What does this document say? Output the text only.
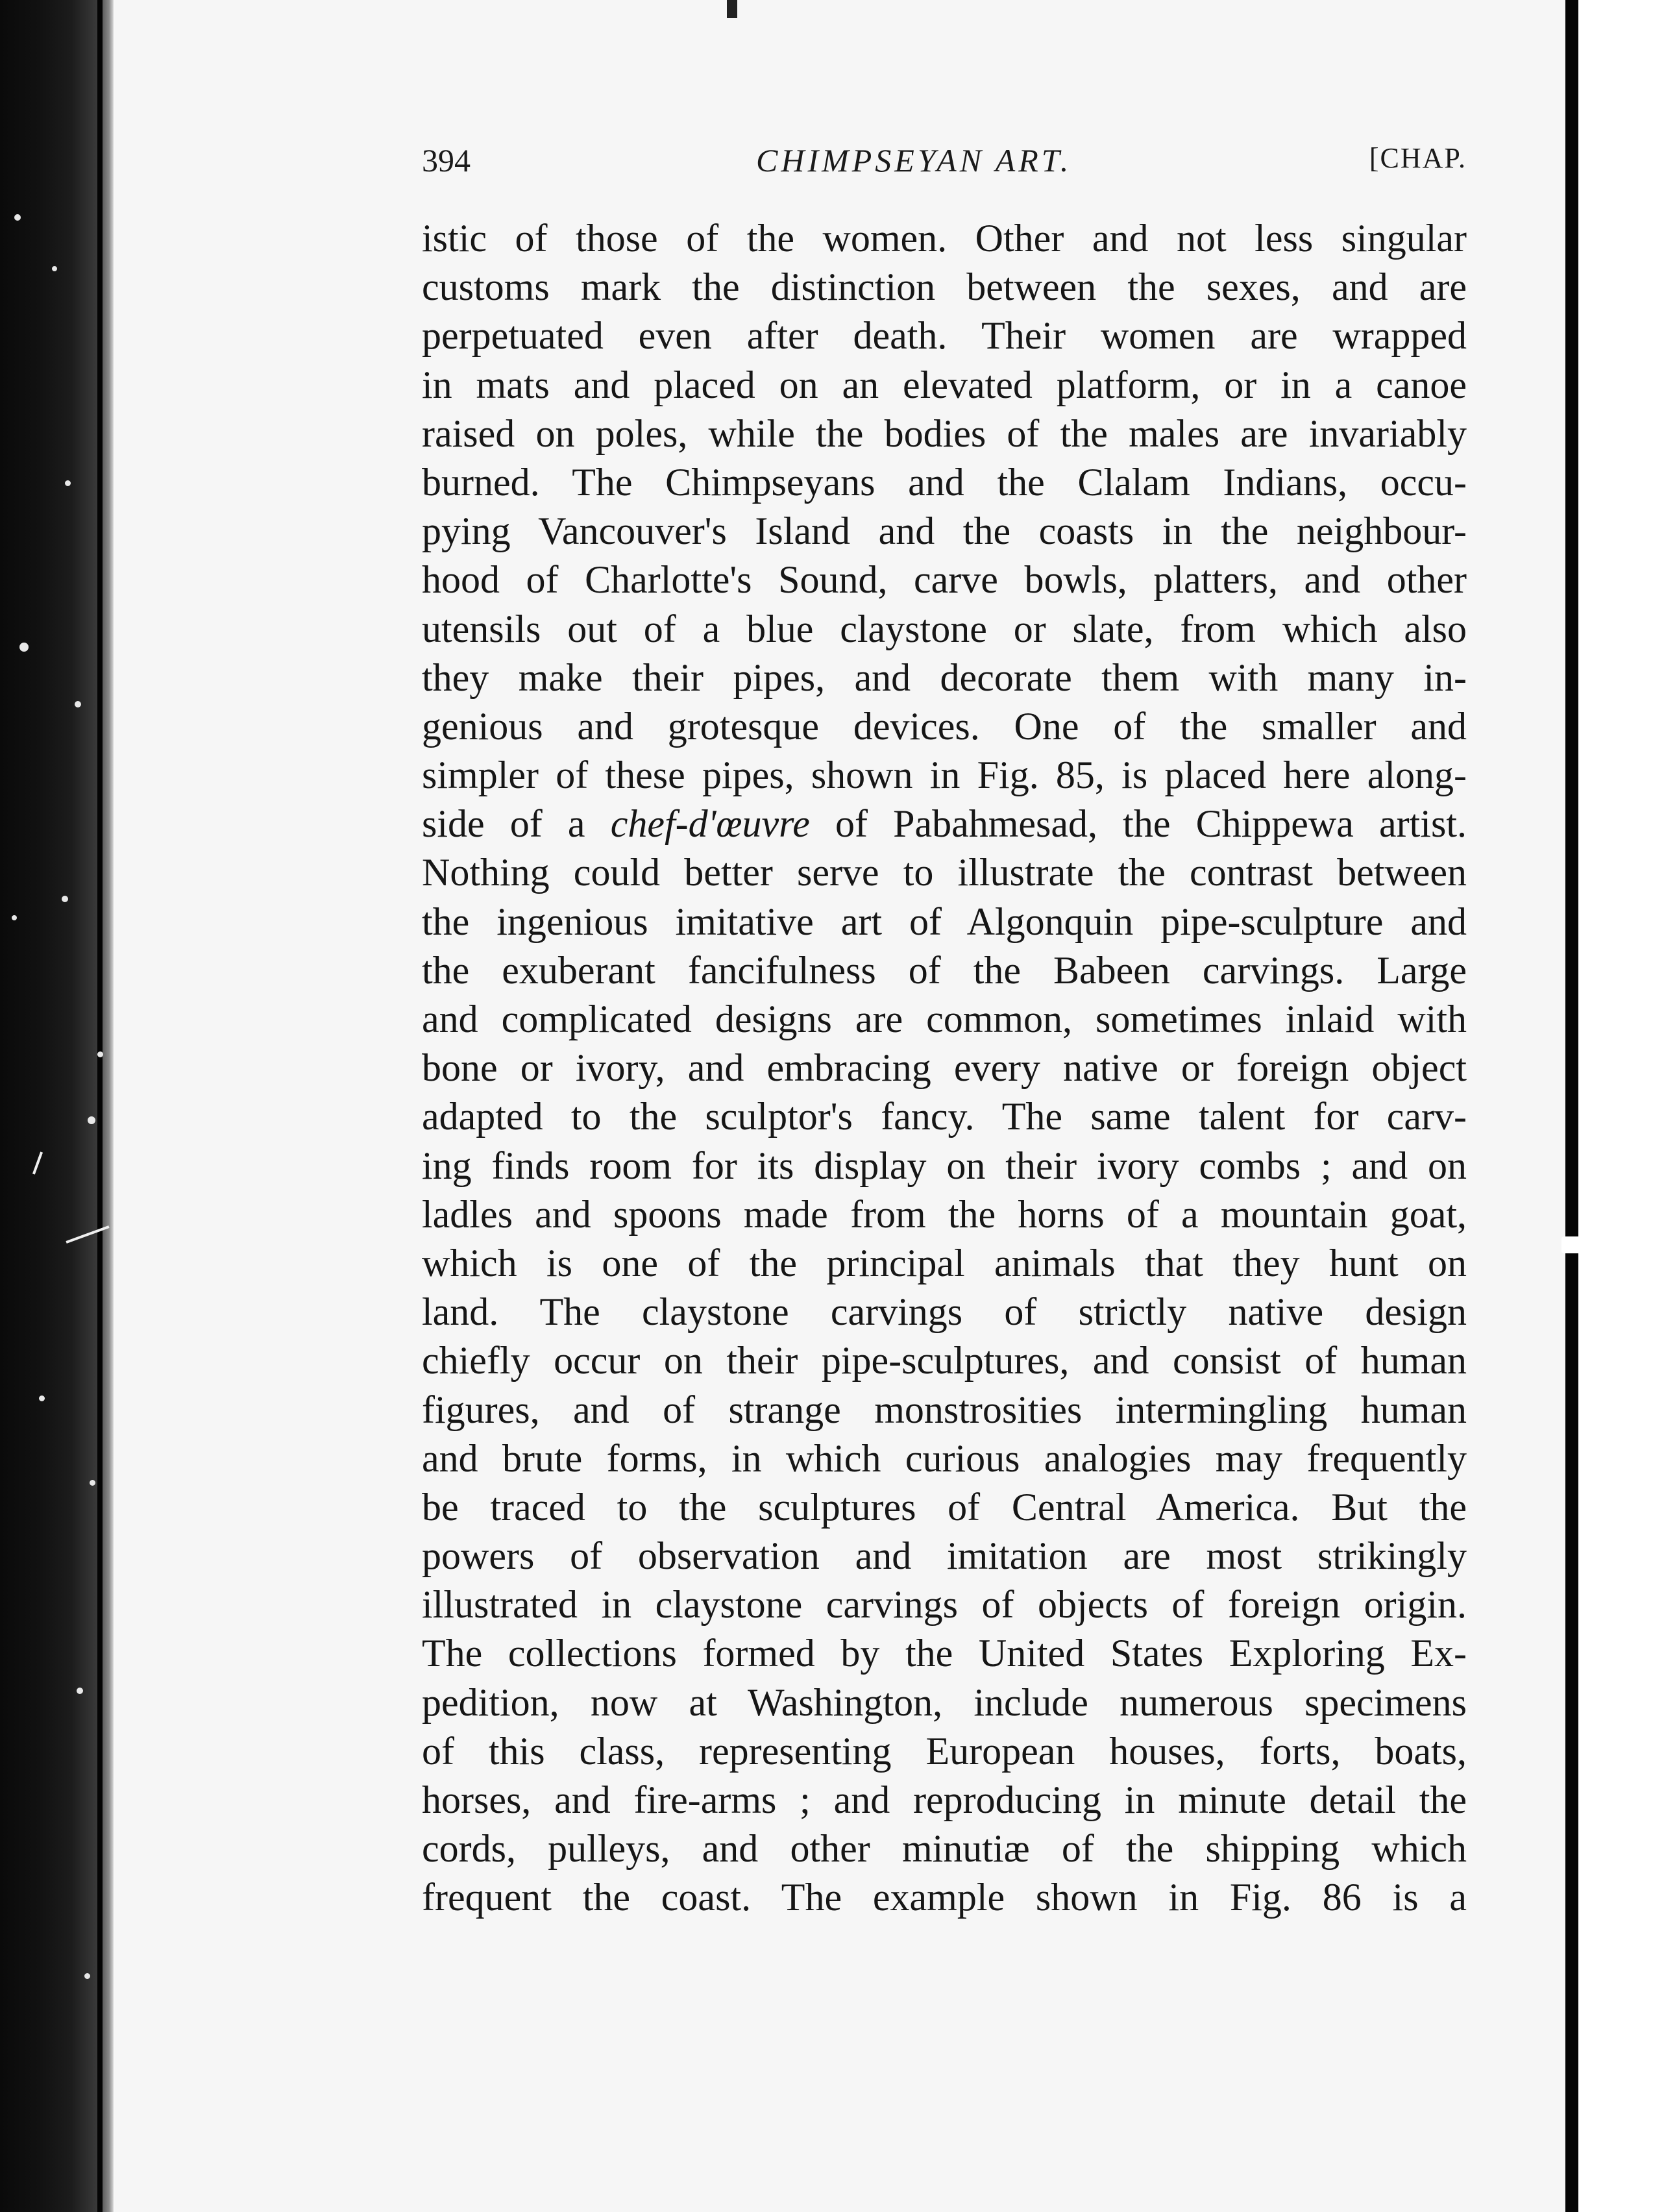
394	CHIMPSEYAN ART.	[CHAP.
istic of those of the women. Other and not less singular
customs mark the distinction between the sexes, and are
perpetuated even after death. Their women are wrapped
in mats and placed on an elevated platform, or in a canoe
raised on poles, while the bodies of the males are invariably
burned. The Chimpseyans and the Clalam Indians, occu-
pying Vancouver's Island and the coasts in the neighbour-
hood of Charlotte's Sound, carve bowls, platters, and other
utensils out of a blue claystone or slate, from which also
they make their pipes, and decorate them with many in-
genious and grotesque devices. One of the smaller and
simpler of these pipes, shown in Fig. 85, is placed here along-
side of a chef-d'œuvre of Pabahmesad, the Chippewa artist.
Nothing could better serve to illustrate the contrast between
the ingenious imitative art of Algonquin pipe-sculpture and
the exuberant fancifulness of the Babeen carvings. Large
and complicated designs are common, sometimes inlaid with
bone or ivory, and embracing every native or foreign object
adapted to the sculptor's fancy. The same talent for carv-
ing finds room for its display on their ivory combs ; and on
ladles and spoons made from the horns of a mountain goat,
which is one of the principal animals that they hunt on
land. The claystone carvings of strictly native design
chiefly occur on their pipe-sculptures, and consist of human
figures, and of strange monstrosities intermingling human
and brute forms, in which curious analogies may frequently
be traced to the sculptures of Central America. But the
powers of observation and imitation are most strikingly
illustrated in claystone carvings of objects of foreign origin.
The collections formed by the United States Exploring Ex-
pedition, now at Washington, include numerous specimens
of this class, representing European houses, forts, boats,
horses, and fire-arms ; and reproducing in minute detail the
cords, pulleys, and other minutiæ of the shipping which
frequent the coast. The example shown in Fig. 86 is a
